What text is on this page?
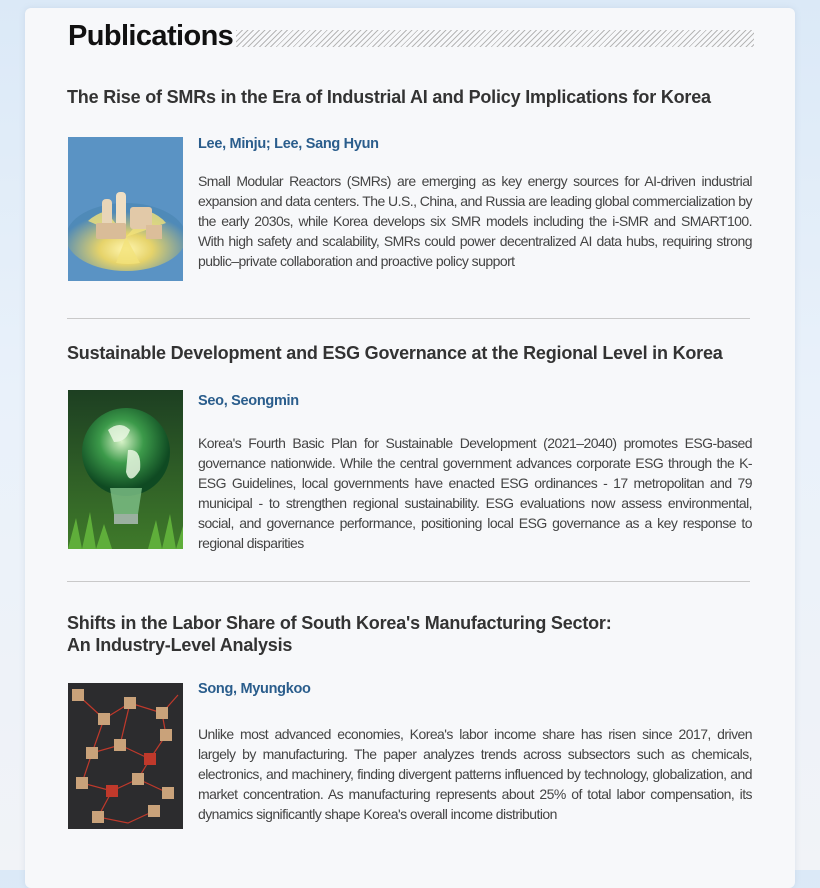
Publications
The Rise of SMRs in the Era of Industrial AI and Policy Implications for Korea

Lee, Minju; Lee, Sang Hyun

Small Modular Reactors (SMRs) are emerging as key energy sources for AI-driven industrial expansion and data centers. The U.S., China, and Russia are leading global commercialization by the early 2030s, while Korea develops six SMR models including the i-SMR and SMART100. With high safety and scalability, SMRs could power decentralized AI data hubs, requiring strong public–private collaboration and proactive policy support

Sustainable Development and ESG Governance at the Regional Level in Korea

Seo, Seongmin

Korea's Fourth Basic Plan for Sustainable Development (2021–2040) promotes ESG-based governance nationwide. While the central government advances corporate ESG through the K-ESG Guidelines, local governments have enacted ESG ordinances - 17 metropolitan and 79 municipal - to strengthen regional sustainability. ESG evaluations now assess environmental, social, and governance performance, positioning local ESG governance as a key response to regional disparities

Shifts in the Labor Share of South Korea's Manufacturing Sector:
An Industry-Level Analysis

Song, Myungkoo

Unlike most advanced economies, Korea's labor income share has risen since 2017, driven largely by manufacturing. The paper analyzes trends across subsectors such as chemicals, electronics, and machinery, finding divergent patterns influenced by technology, globalization, and market concentration. As manufacturing represents about 25% of total labor compensation, its dynamics significantly shape Korea's overall income distribution
